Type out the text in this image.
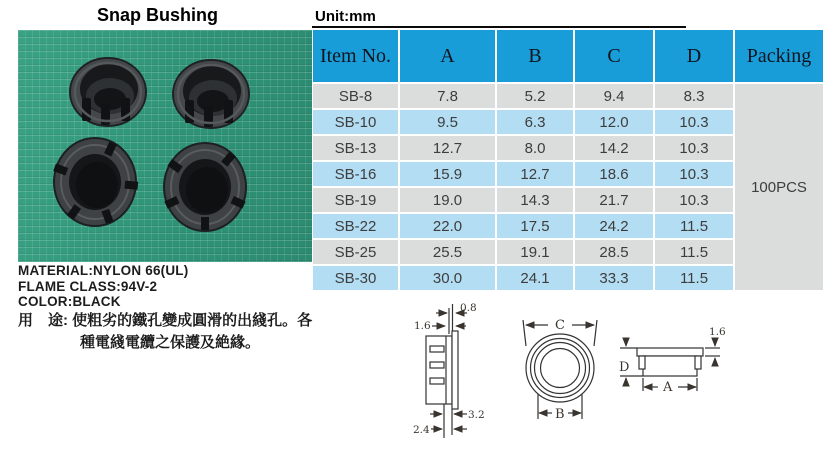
Snap Bushing	Unit:mm
Item No.	A	B	C	D	Packing
100PCS
SB-8	7.8	5.2	9.4	8.3
SB-10	9.5	6.3	12.0	10.3
SB-13	12.7	8.0	14.2	10.3
SB-16	15.9	12.7	18.6	10.3
SB-19	19.0	14.3	21.7	10.3
SB-22	22.0	17.5	24.2	11.5
SB-25	25.5	19.1	28.5	11.5
SB-30	30.0	24.1	33.3	11.5
MATERIAL:NYLON 66(UL)
FLAME CLASS:94V-2
COLOR:BLACK
用　途: 使粗劣的鐵孔變成圓滑的出綫孔。各
種電綫電纜之保護及絶緣。
0.8
1.6
3.2
2.4
C
B
1.6
D
A
